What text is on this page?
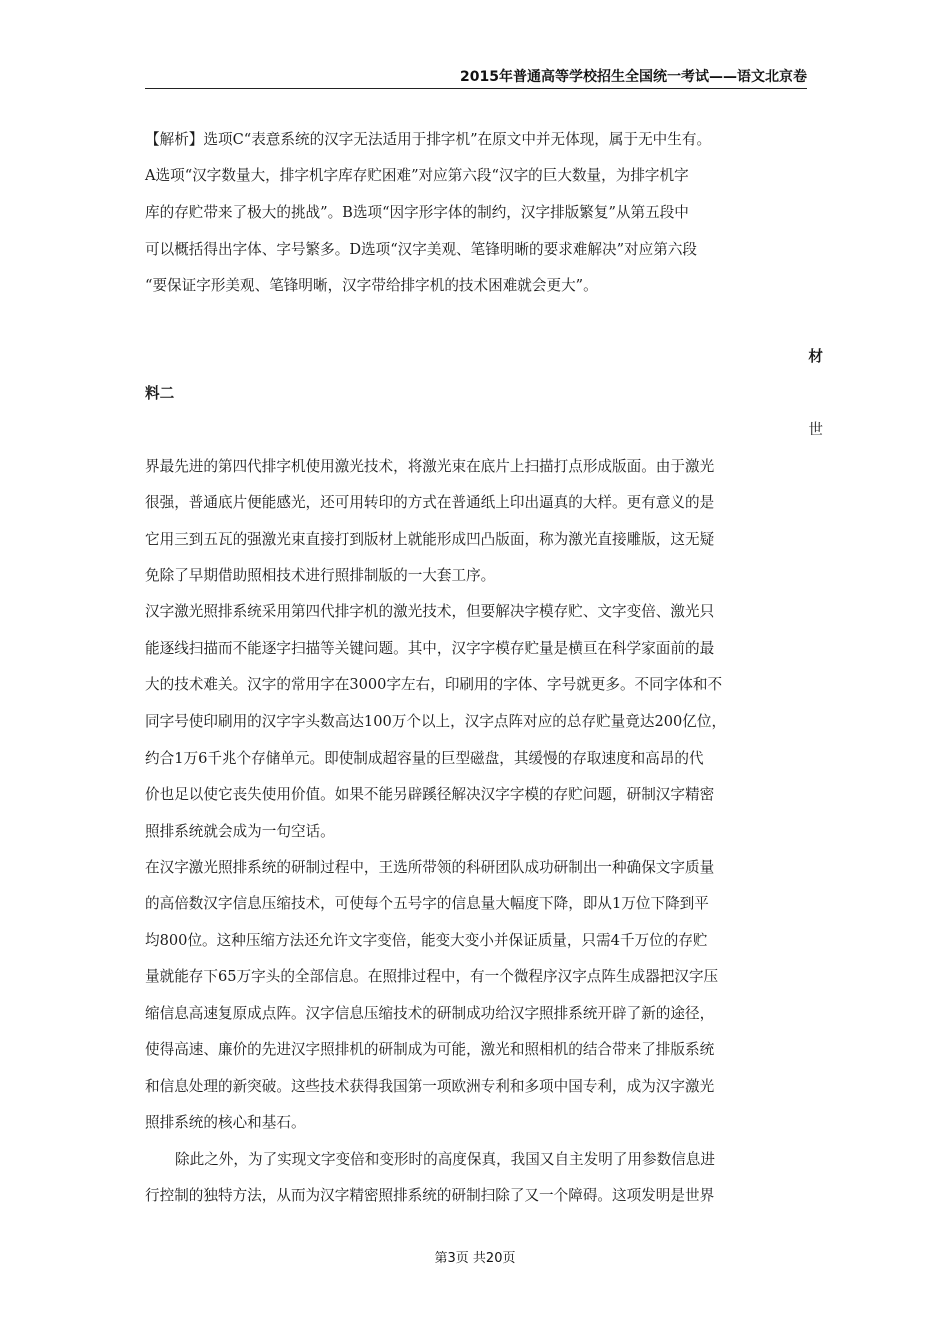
2015年普通高等学校招生全国统一考试——语文北京卷
【解析】选项C“表意系统的汉字无法适用于排字机”在原文中并无体现，属于无中生有。
A选项“汉字数量大，排字机字库存贮困难”对应第六段“汉字的巨大数量，为排字机字
库的存贮带来了极大的挑战”。B选项“因字形字体的制约，汉字排版繁复”从第五段中
可以概括得出字体、字号繁多。D选项“汉字美观、笔锋明晰的要求难解决”对应第六段
“要保证字形美观、笔锋明晰，汉字带给排字机的技术困难就会更大”。
材
料二
世
界最先进的第四代排字机使用激光技术，将激光束在底片上扫描打点形成版面。由于激光
很强，普通底片便能感光，还可用转印的方式在普通纸上印出逼真的大样。更有意义的是
它用三到五瓦的强激光束直接打到版材上就能形成凹凸版面，称为激光直接雕版，这无疑
免除了早期借助照相技术进行照排制版的一大套工序。
汉字激光照排系统采用第四代排字机的激光技术，但要解决字模存贮、文字变倍、激光只
能逐线扫描而不能逐字扫描等关键问题。其中，汉字字模存贮量是横亘在科学家面前的最
大的技术难关。汉字的常用字在3000字左右，印刷用的字体、字号就更多。不同字体和不
同字号使印刷用的汉字字头数高达100万个以上，汉字点阵对应的总存贮量竟达200亿位，
约合1万6千兆个存储单元。即使制成超容量的巨型磁盘，其缓慢的存取速度和高昂的代
价也足以使它丧失使用价值。如果不能另辟蹊径解决汉字字模的存贮问题，研制汉字精密
照排系统就会成为一句空话。
在汉字激光照排系统的研制过程中，王选所带领的科研团队成功研制出一种确保文字质量
的高倍数汉字信息压缩技术，可使每个五号字的信息量大幅度下降，即从1万位下降到平
均800位。这种压缩方法还允许文字变倍，能变大变小并保证质量，只需4千万位的存贮
量就能存下65万字头的全部信息。在照排过程中，有一个微程序汉字点阵生成器把汉字压
缩信息高速复原成点阵。汉字信息压缩技术的研制成功给汉字照排系统开辟了新的途径，
使得高速、廉价的先进汉字照排机的研制成为可能，激光和照相机的结合带来了排版系统
和信息处理的新突破。这些技术获得我国第一项欧洲专利和多项中国专利，成为汉字激光
照排系统的核心和基石。
除此之外，为了实现文字变倍和变形时的高度保真，我国又自主发明了用参数信息进
行控制的独特方法，从而为汉字精密照排系统的研制扫除了又一个障碍。这项发明是世界
第3页 共20页
